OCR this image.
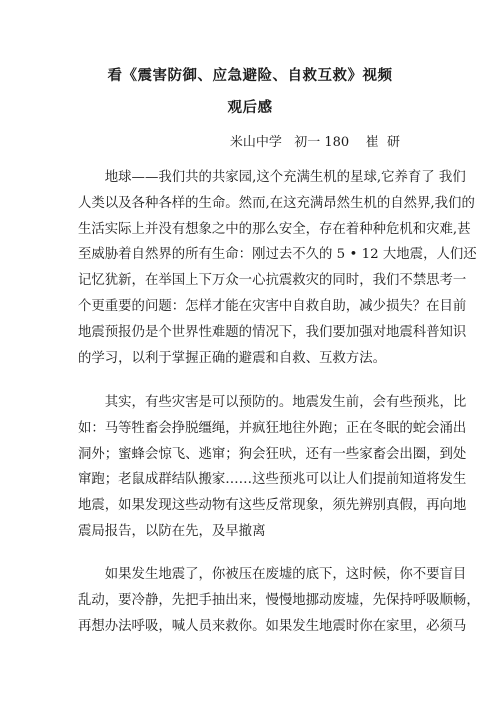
看《震害防御、应急避险、自救互救》视频
观后感
米山中学   初一 180    崔  研
　　地球——我们共的共家园,这个充满生机的星球,它养育了 我们
人类以及各种各样的生命。然而,在这充满昂然生机的自然界,我们的
生活实际上并没有想象之中的那么安全，存在着种种危机和灾难,甚
至威胁着自然界的所有生命：刚过去不久的 5 • 12 大地震，人们还
记忆犹新，在举国上下万众一心抗震救灾的同时，我们不禁思考一
个更重要的问题：怎样才能在灾害中自救自助，减少损失？在目前
地震预报仍是个世界性难题的情况下，我们要加强对地震科普知识
的学习，以利于掌握正确的避震和自救、互救方法。
　　其实，有些灾害是可以预防的。地震发生前，会有些预兆，比
如：马等牲畜会挣脱缰绳，并疯狂地往外跑；正在冬眠的蛇会涌出
洞外；蜜蜂会惊飞、逃窜；狗会狂吠，还有一些家畜会出圈，到处
窜跑；老鼠成群结队搬家……这些预兆可以让人们提前知道将发生
地震，如果发现这些动物有这些反常现象，须先辨别真假，再向地
震局报告，以防在先，及早撤离
　　如果发生地震了，你被压在废墟的底下，这时候，你不要盲目
乱动，要冷静，先把手抽出来，慢慢地挪动废墟，先保持呼吸顺畅，
再想办法呼吸，喊人员来救你。如果发生地震时你在家里，必须马
